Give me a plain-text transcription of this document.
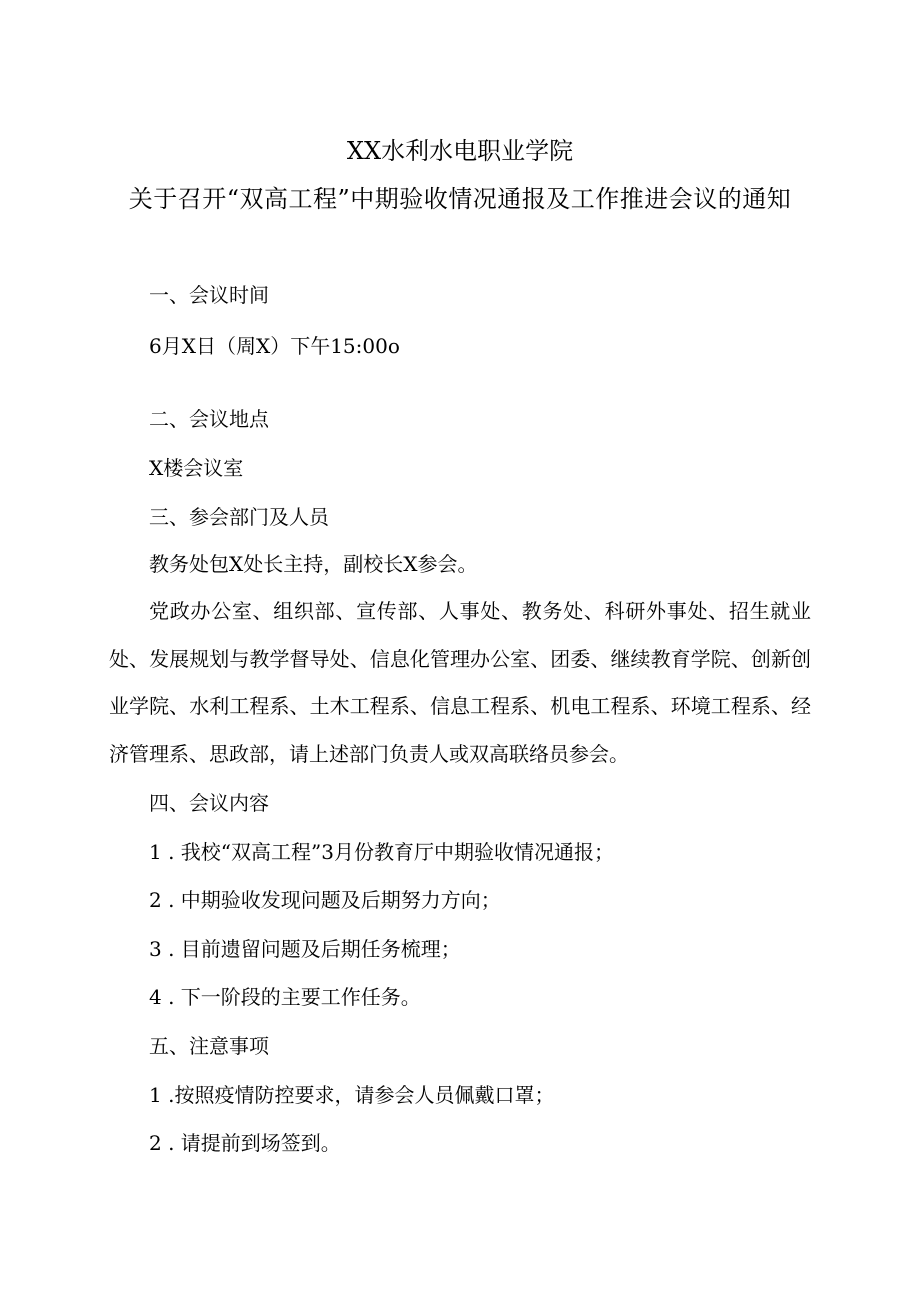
XX水利水电职业学院
关于召开“双高工程”中期验收情况通报及工作推进会议的通知
一、会议时间
6月X日（周X）下午15:00o
二、会议地点
X楼会议室
三、参会部门及人员
教务处包X处长主持，副校长X参会。
党政办公室、组织部、宣传部、人事处、教务处、科研外事处、招生就业处、发展规划与教学督导处、信息化管理办公室、团委、继续教育学院、创新创业学院、水利工程系、土木工程系、信息工程系、机电工程系、环境工程系、经济管理系、思政部，请上述部门负责人或双高联络员参会。
四、会议内容
1 . 我校“双高工程”3月份教育厅中期验收情况通报；
2 . 中期验收发现问题及后期努力方向；
3 . 目前遗留问题及后期任务梳理；
4 . 下一阶段的主要工作任务。
五、注意事项
1 .按照疫情防控要求，请参会人员佩戴口罩；
2 . 请提前到场签到。
